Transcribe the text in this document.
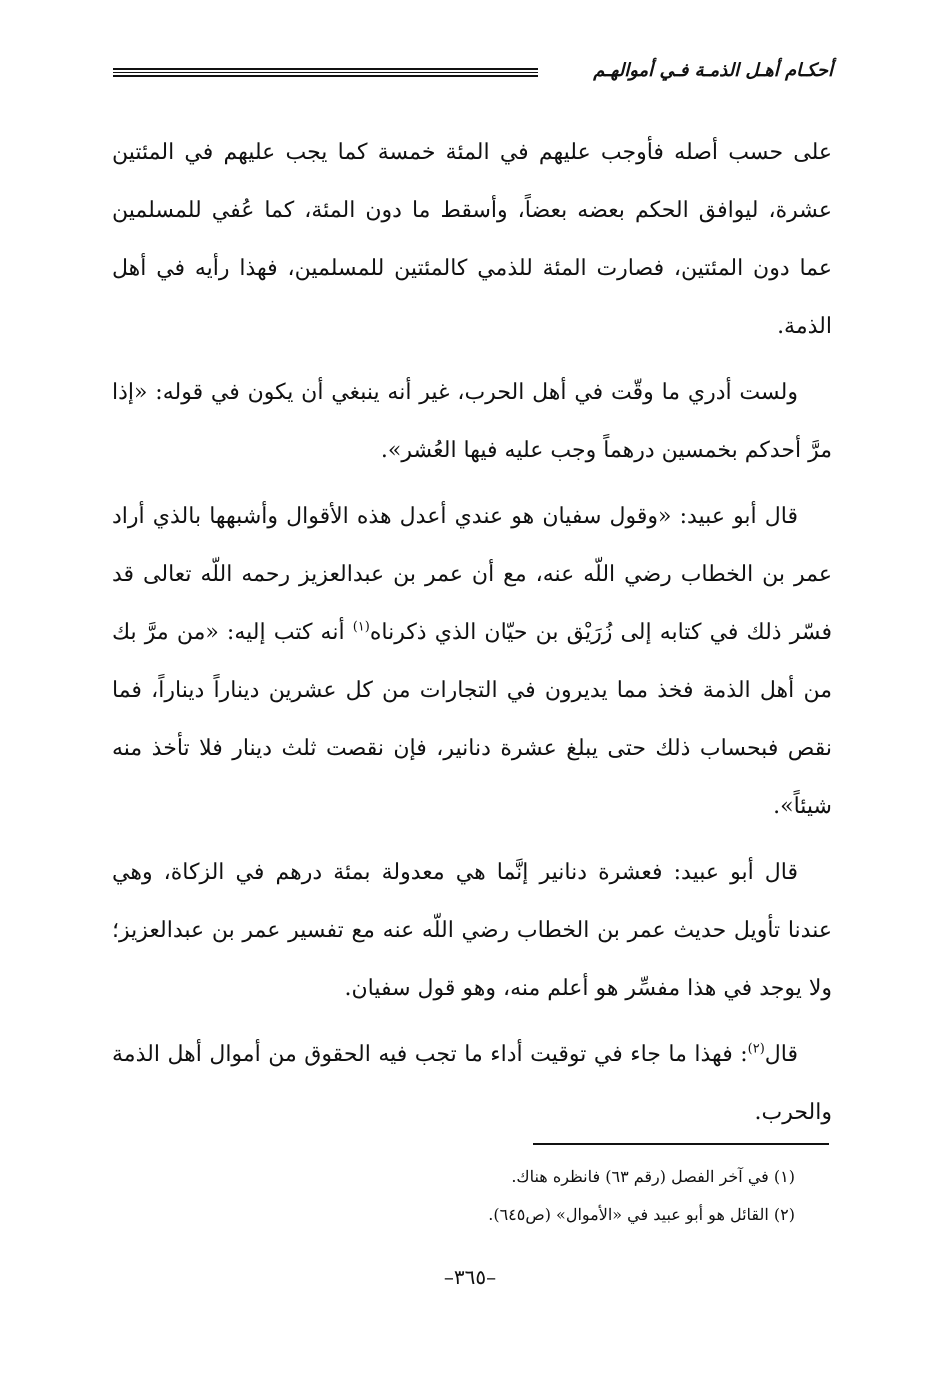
أحكـام أهـل الذمـة فـي أموالهـم

على حسب أصله فأوجب عليهم في المئة خمسة كما يجب عليهم في المئتين عشرة، ليوافق الحكم بعضه بعضاً، وأسقط ما دون المئة، كما عُفي للمسلمين عما دون المئتين، فصارت المئة للذمي كالمئتين للمسلمين، فهذا رأيه في أهل الذمة.

ولست أدري ما وقّت في أهل الحرب، غير أنه ينبغي أن يكون في قوله: «إذا مرَّ أحدكم بخمسين درهماً وجب عليه فيها العُشر».

قال أبو عبيد: «وقول سفيان هو عندي أعدل هذه الأقوال وأشبهها بالذي أراد عمر بن الخطاب رضي اللّه عنه، مع أن عمر بن عبدالعزيز رحمه اللّه تعالى قد فسّر ذلك في كتابه إلى زُرَيْق بن حيّان الذي ذكرناه$^{(١)}$ أنه كتب إليه: «من مرَّ بك من أهل الذمة فخذ مما يديرون في التجارات من كل عشرين ديناراً ديناراً، فما نقص فبحساب ذلك حتى يبلغ عشرة دنانير، فإن نقصت ثلث دينار فلا تأخذ منه شيئاً».

قال أبو عبيد: فعشرة دنانير إنَّما هي معدولة بمئة درهم في الزكاة، وهي عندنا تأويل حديث عمر بن الخطاب رضي اللّه عنه مع تفسير عمر بن عبدالعزيز؛ ولا يوجد في هذا مفسِّر هو أعلم منه، وهو قول سفيان.

قال$^{(٢)}$: فهذا ما جاء في توقيت أداء ما تجب فيه الحقوق من أموال أهل الذمة والحرب.

(١) في آخر الفصل (رقم ٦٣) فانظره هناك.
(٢) القائل هو أبو عبيد في «الأموال» (ص٦٤٥).
–٣٦٥–
